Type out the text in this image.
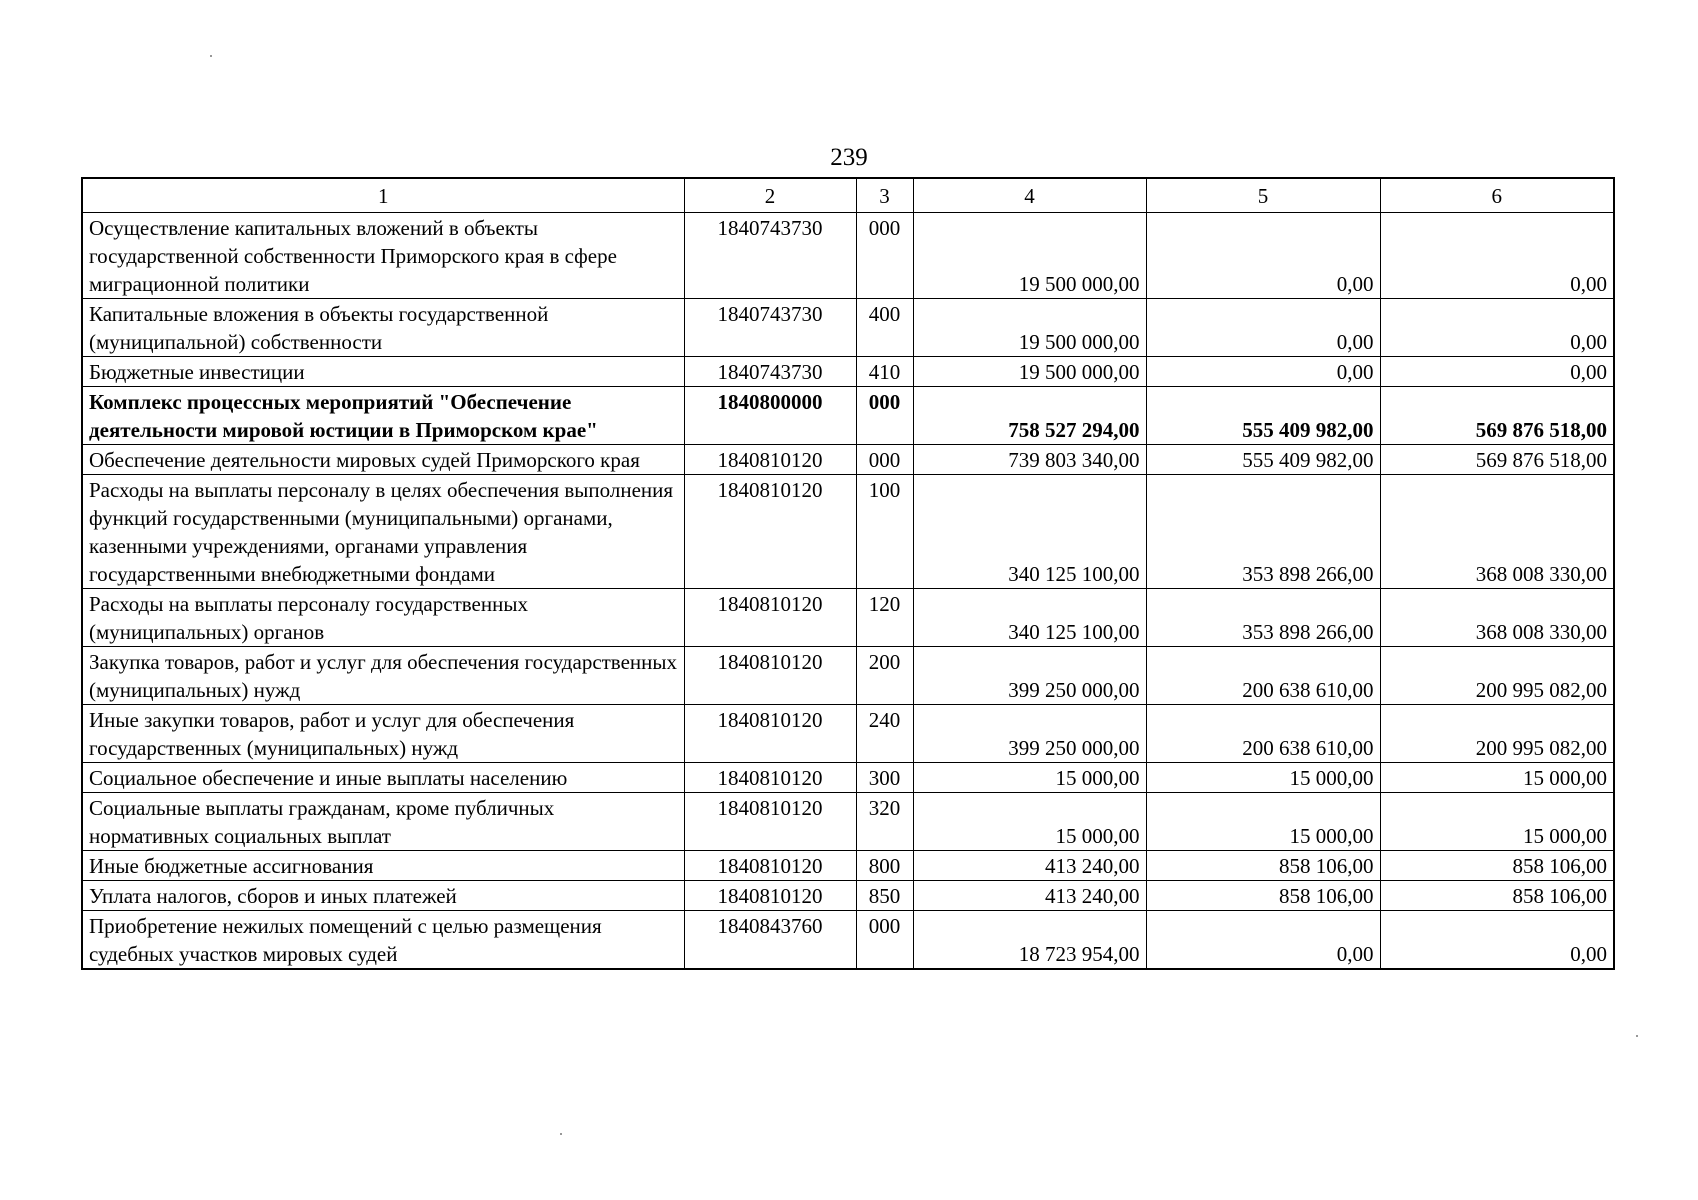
239
1	2	3	4	5	6
Осуществление капитальных вложений в объекты государственной собственности Приморского края в сфере миграционной политики	1840743730	000	19 500 000,00	0,00	0,00
Капитальные вложения в объекты государственной (муниципальной) собственности	1840743730	400	19 500 000,00	0,00	0,00
Бюджетные инвестиции	1840743730	410	19 500 000,00	0,00	0,00
Комплекс процессных мероприятий "Обеспечение деятельности мировой юстиции в Приморском крае"	1840800000	000	758 527 294,00	555 409 982,00	569 876 518,00
Обеспечение деятельности мировых судей Приморского края	1840810120	000	739 803 340,00	555 409 982,00	569 876 518,00
Расходы на выплаты персоналу в целях обеспечения выполнения функций государственными (муниципальными) органами, казенными учреждениями, органами управления государственными внебюджетными фондами	1840810120	100	340 125 100,00	353 898 266,00	368 008 330,00
Расходы на выплаты персоналу государственных (муниципальных) органов	1840810120	120	340 125 100,00	353 898 266,00	368 008 330,00
Закупка товаров, работ и услуг для обеспечения государственных (муниципальных) нужд	1840810120	200	399 250 000,00	200 638 610,00	200 995 082,00
Иные закупки товаров, работ и услуг для обеспечения государственных (муниципальных) нужд	1840810120	240	399 250 000,00	200 638 610,00	200 995 082,00
Социальное обеспечение и иные выплаты населению	1840810120	300	15 000,00	15 000,00	15 000,00
Социальные выплаты гражданам, кроме публичных нормативных социальных выплат	1840810120	320	15 000,00	15 000,00	15 000,00
Иные бюджетные ассигнования	1840810120	800	413 240,00	858 106,00	858 106,00
Уплата налогов, сборов и иных платежей	1840810120	850	413 240,00	858 106,00	858 106,00
Приобретение нежилых помещений с целью размещения судебных участков мировых судей	1840843760	000	18 723 954,00	0,00	0,00
